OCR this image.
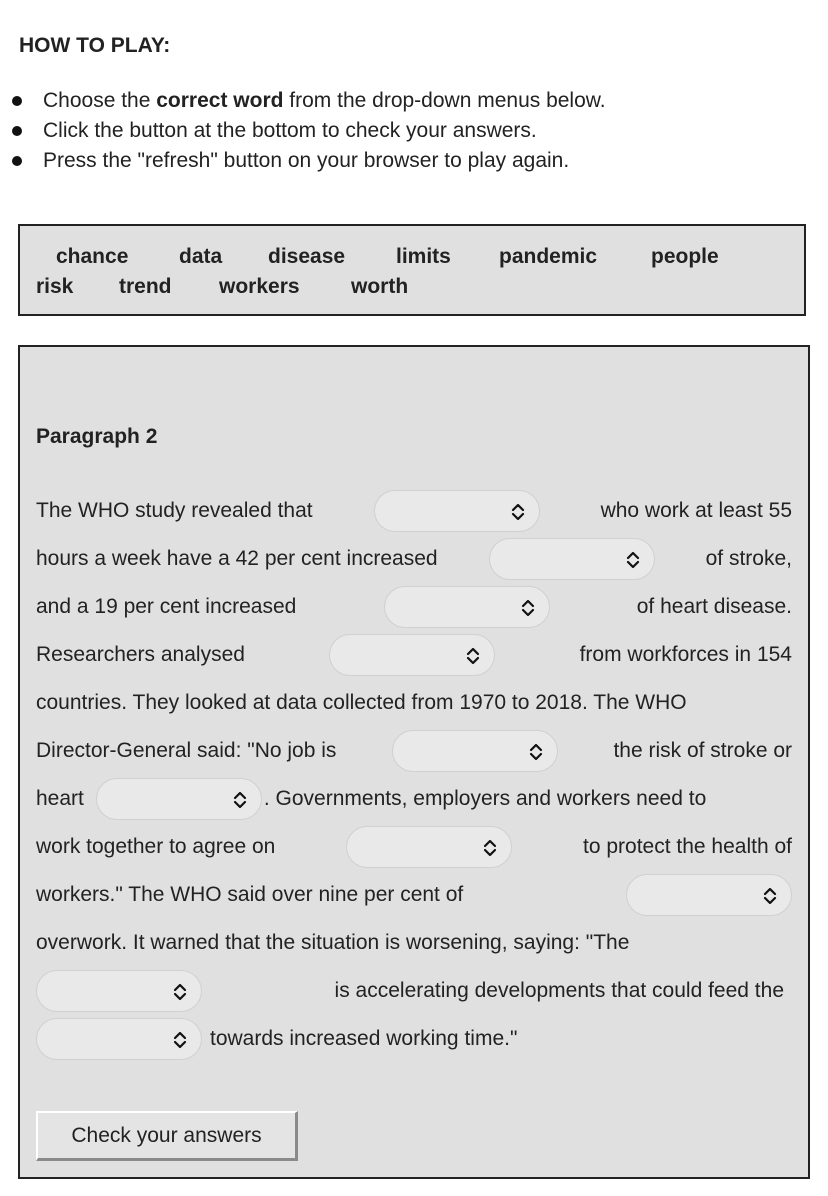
HOW TO PLAY:
Choose the correct word from the drop-down menus below.
Click the button at the bottom to check your answers.
Press the "refresh" button on your browser to play again.
chance data disease limits pandemic	people
risk trend workers worth
Paragraph 2
The WHO study revealed that	who work at least 55
hours a week have a 42 per cent increased	of stroke,
and a 19 per cent increased	of heart disease.
Researchers analysed	from workforces in 154
countries. They looked at data collected from 1970 to 2018. The WHO
Director-General said: "No job is	the risk of stroke or
heart	. Governments, employers and workers need to
work together to agree on	to protect the health of
workers." The WHO said over nine per cent of
overwork. It warned that the situation is worsening, saying: "The
is accelerating developments that could feed the
towards increased working time."
Check your answers
